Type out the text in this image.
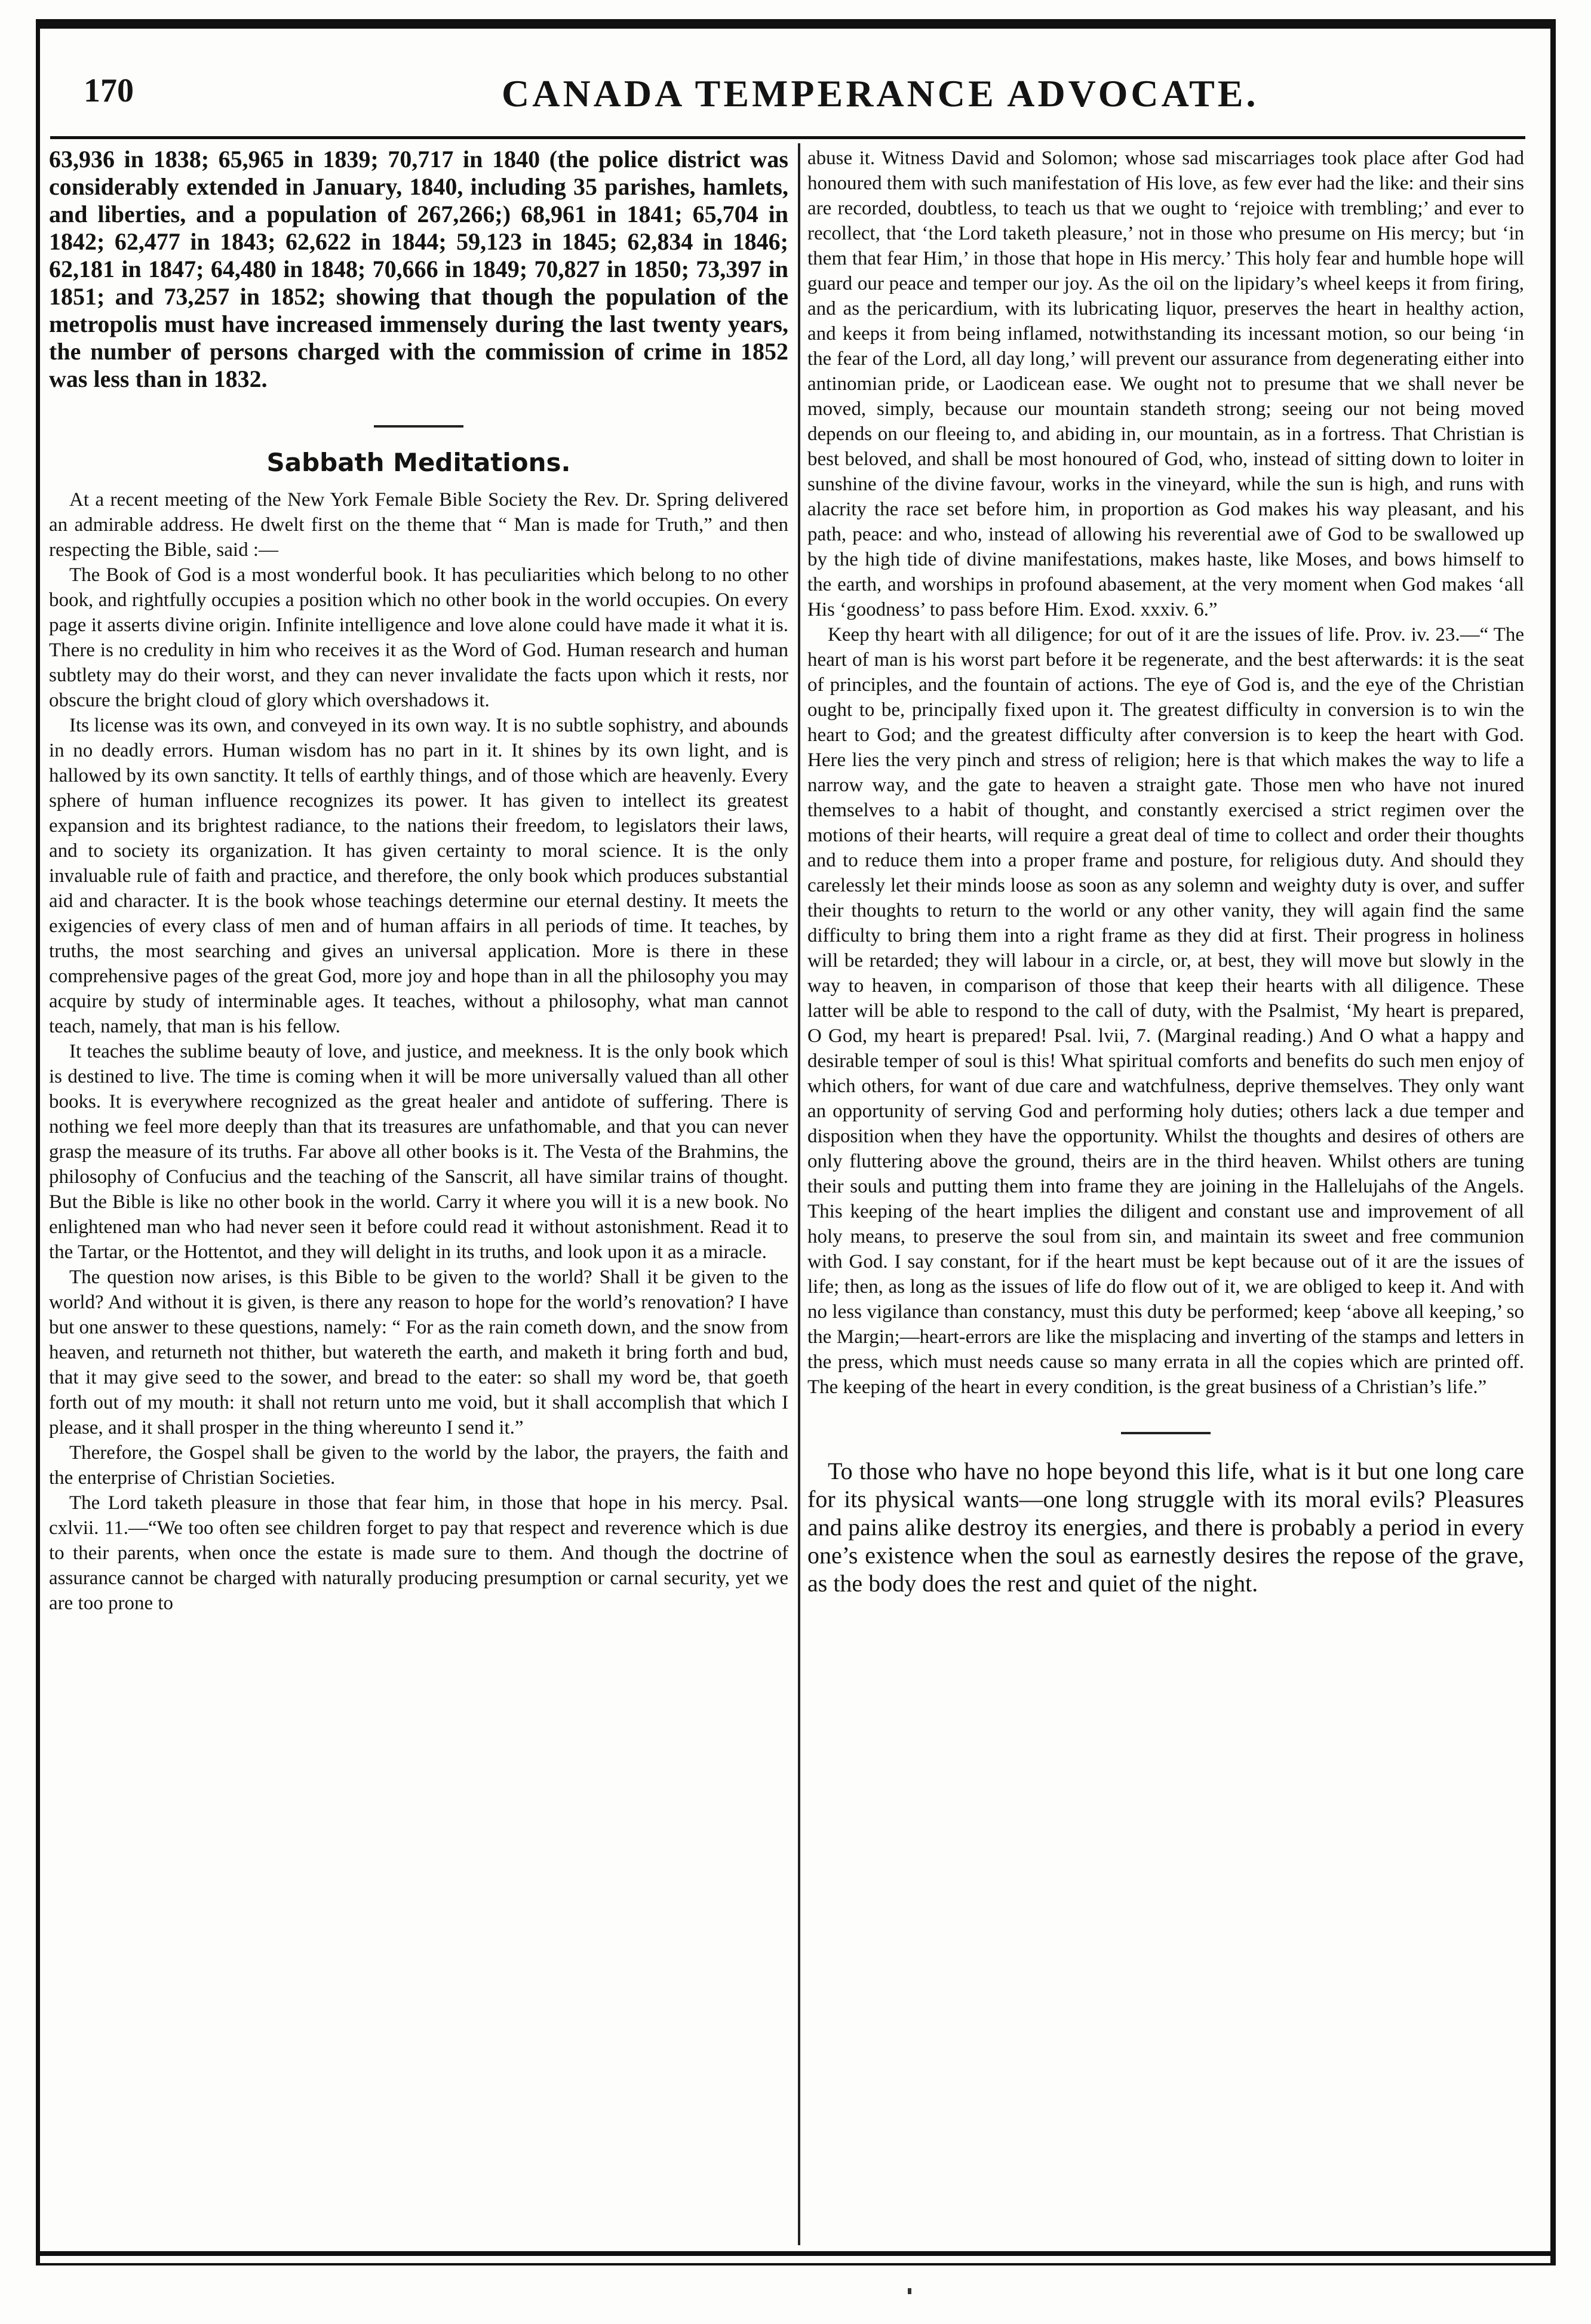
170	CANADA TEMPERANCE ADVOCATE.

63,936 in 1838; 65,965 in 1839; 70,717 in 1840 (the police district was considerably extended in January, 1840, including 35 parishes, hamlets, and liberties, and a population of 267,266;) 68,961 in 1841; 65,704 in 1842; 62,477 in 1843; 62,622 in 1844; 59,123 in 1845; 62,834 in 1846; 62,181 in 1847; 64,480 in 1848; 70,666 in 1849; 70,827 in 1850; 73,397 in 1851; and 73,257 in 1852; showing that though the population of the metropolis must have increased immensely during the last twenty years, the number of persons charged with the commission of crime in 1852 was less than in 1832.

Sabbath Meditations.

At a recent meeting of the New York Female Bible Society the Rev. Dr. Spring delivered an admirable address. He dwelt first on the theme that “ Man is made for Truth,” and then respecting the Bible, said :—

The Book of God is a most wonderful book. It has peculiarities which belong to no other book, and rightfully occupies a position which no other book in the world occupies. On every page it asserts divine origin. Infinite intelligence and love alone could have made it what it is. There is no credulity in him who receives it as the Word of God. Human research and human subtlety may do their worst, and they can never invalidate the facts upon which it rests, nor obscure the bright cloud of glory which overshadows it.

Its license was its own, and conveyed in its own way. It is no subtle sophistry, and abounds in no deadly errors. Human wisdom has no part in it. It shines by its own light, and is hallowed by its own sanctity. It tells of earthly things, and of those which are heavenly. Every sphere of human influence recognizes its power. It has given to intellect its greatest expansion and its brightest radiance, to the nations their freedom, to legislators their laws, and to society its organization. It has given certainty to moral science. It is the only invaluable rule of faith and practice, and therefore, the only book which produces substantial aid and character. It is the book whose teachings determine our eternal destiny. It meets the exigencies of every class of men and of human affairs in all periods of time. It teaches, by truths, the most searching and gives an universal application. More is there in these comprehensive pages of the great God, more joy and hope than in all the philosophy you may acquire by study of interminable ages. It teaches, without a philosophy, what man cannot teach, namely, that man is his fellow.

It teaches the sublime beauty of love, and justice, and meekness. It is the only book which is destined to live. The time is coming when it will be more universally valued than all other books. It is everywhere recognized as the great healer and antidote of suffering. There is nothing we feel more deeply than that its treasures are unfathomable, and that you can never grasp the measure of its truths. Far above all other books is it. The Vesta of the Brahmins, the philosophy of Confucius and the teaching of the Sanscrit, all have similar trains of thought. But the Bible is like no other book in the world. Carry it where you will it is a new book. No enlightened man who had never seen it before could read it without astonishment. Read it to the Tartar, or the Hottentot, and they will delight in its truths, and look upon it as a miracle.

The question now arises, is this Bible to be given to the world? Shall it be given to the world? And without it is given, is there any reason to hope for the world’s renovation? I have but one answer to these questions, namely: “ For as the rain cometh down, and the snow from heaven, and returneth not thither, but watereth the earth, and maketh it bring forth and bud, that it may give seed to the sower, and bread to the eater: so shall my word be, that goeth forth out of my mouth: it shall not return unto me void, but it shall accomplish that which I please, and it shall prosper in the thing whereunto I send it.”

Therefore, the Gospel shall be given to the world by the labor, the prayers, the faith and the enterprise of Christian Societies.

The Lord taketh pleasure in those that fear him, in those that hope in his mercy. Psal. cxlvii. 11.—“We too often see children forget to pay that respect and reverence which is due to their parents, when once the estate is made sure to them. And though the doctrine of assurance cannot be charged with naturally producing presumption or carnal security, yet we are too prone to

abuse it. Witness David and Solomon; whose sad miscarriages took place after God had honoured them with such manifestation of His love, as few ever had the like: and their sins are recorded, doubtless, to teach us that we ought to ‘rejoice with trembling;’ and ever to recollect, that ‘the Lord taketh pleasure,’ not in those who presume on His mercy; but ‘in them that fear Him,’ in those that hope in His mercy.’ This holy fear and humble hope will guard our peace and temper our joy. As the oil on the lipidary’s wheel keeps it from firing, and as the pericardium, with its lubricating liquor, preserves the heart in healthy action, and keeps it from being inflamed, notwithstanding its incessant motion, so our being ‘in the fear of the Lord, all day long,’ will prevent our assurance from degenerating either into antinomian pride, or Laodicean ease. We ought not to presume that we shall never be moved, simply, because our mountain standeth strong; seeing our not being moved depends on our fleeing to, and abiding in, our mountain, as in a fortress. That Christian is best beloved, and shall be most honoured of God, who, instead of sitting down to loiter in sunshine of the divine favour, works in the vineyard, while the sun is high, and runs with alacrity the race set before him, in proportion as God makes his way pleasant, and his path, peace: and who, instead of allowing his reverential awe of God to be swallowed up by the high tide of divine manifestations, makes haste, like Moses, and bows himself to the earth, and worships in profound abasement, at the very moment when God makes ‘all His ‘goodness’ to pass before Him. Exod. xxxiv. 6.”

Keep thy heart with all diligence; for out of it are the issues of life. Prov. iv. 23.—“ The heart of man is his worst part before it be regenerate, and the best afterwards: it is the seat of principles, and the fountain of actions. The eye of God is, and the eye of the Christian ought to be, principally fixed upon it. The greatest difficulty in conversion is to win the heart to God; and the greatest difficulty after conversion is to keep the heart with God. Here lies the very pinch and stress of religion; here is that which makes the way to life a narrow way, and the gate to heaven a straight gate. Those men who have not inured themselves to a habit of thought, and constantly exercised a strict regimen over the motions of their hearts, will require a great deal of time to collect and order their thoughts and to reduce them into a proper frame and posture, for religious duty. And should they carelessly let their minds loose as soon as any solemn and weighty duty is over, and suffer their thoughts to return to the world or any other vanity, they will again find the same difficulty to bring them into a right frame as they did at first. Their progress in holiness will be retarded; they will labour in a circle, or, at best, they will move but slowly in the way to heaven, in comparison of those that keep their hearts with all diligence. These latter will be able to respond to the call of duty, with the Psalmist, ‘My heart is prepared, O God, my heart is prepared! Psal. lvii, 7. (Marginal reading.) And O what a happy and desirable temper of soul is this! What spiritual comforts and benefits do such men enjoy of which others, for want of due care and watchfulness, deprive themselves. They only want an opportunity of serving God and performing holy duties; others lack a due temper and disposition when they have the opportunity. Whilst the thoughts and desires of others are only fluttering above the ground, theirs are in the third heaven. Whilst others are tuning their souls and putting them into frame they are joining in the Hallelujahs of the Angels. This keeping of the heart implies the diligent and constant use and improvement of all holy means, to preserve the soul from sin, and maintain its sweet and free communion with God. I say constant, for if the heart must be kept because out of it are the issues of life; then, as long as the issues of life do flow out of it, we are obliged to keep it. And with no less vigilance than constancy, must this duty be performed; keep ‘above all keeping,’ so the Margin;—heart-errors are like the misplacing and inverting of the stamps and letters in the press, which must needs cause so many errata in all the copies which are printed off. The keeping of the heart in every condition, is the great business of a Christian’s life.”

To those who have no hope beyond this life, what is it but one long care for its physical wants—one long struggle with its moral evils? Pleasures and pains alike destroy its energies, and there is probably a period in every one’s existence when the soul as earnestly desires the repose of the grave, as the body does the rest and quiet of the night.
